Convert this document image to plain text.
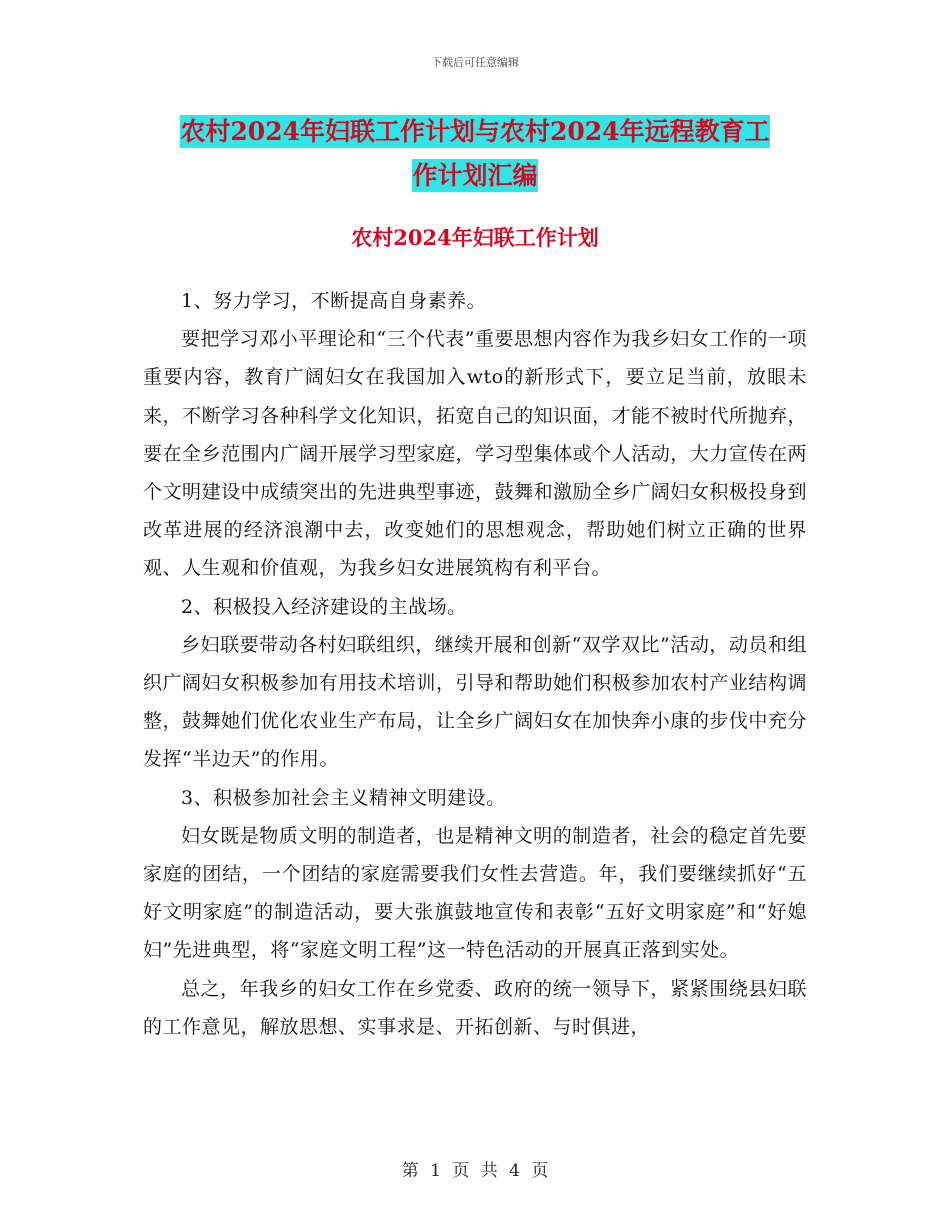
下载后可任意编辑
农村2024年妇联工作计划与农村2024年远程教育工
作计划汇编
农村2024年妇联工作计划

1、努力学习，不断提高自身素养。

要把学习邓小平理论和“三个代表”重要思想内容作为我乡妇女工作的一项重要内容，教育广阔妇女在我国加入wto的新形式下，要立足当前，放眼未来，不断学习各种科学文化知识，拓宽自己的知识面，才能不被时代所抛弃，要在全乡范围内广阔开展学习型家庭，学习型集体或个人活动，大力宣传在两个文明建设中成绩突出的先进典型事迹，鼓舞和激励全乡广阔妇女积极投身到改革进展的经济浪潮中去，改变她们的思想观念，帮助她们树立正确的世界观、人生观和价值观，为我乡妇女进展筑构有利平台。

2、积极投入经济建设的主战场。

乡妇联要带动各村妇联组织，继续开展和创新“双学双比”活动，动员和组织广阔妇女积极参加有用技术培训，引导和帮助她们积极参加农村产业结构调整，鼓舞她们优化农业生产布局，让全乡广阔妇女在加快奔小康的步伐中充分发挥“半边天”的作用。

3、积极参加社会主义精神文明建设。

妇女既是物质文明的制造者，也是精神文明的制造者，社会的稳定首先要家庭的团结，一个团结的家庭需要我们女性去营造。年，我们要继续抓好“五好文明家庭”的制造活动，要大张旗鼓地宣传和表彰“五好文明家庭”和“好媳妇”先进典型，将“家庭文明工程”这一特色活动的开展真正落到实处。

总之，年我乡的妇女工作在乡党委、政府的统一领导下，紧紧围绕县妇联的工作意见，解放思想、实事求是、开拓创新、与时俱进，

第 1 页 共 4 页
